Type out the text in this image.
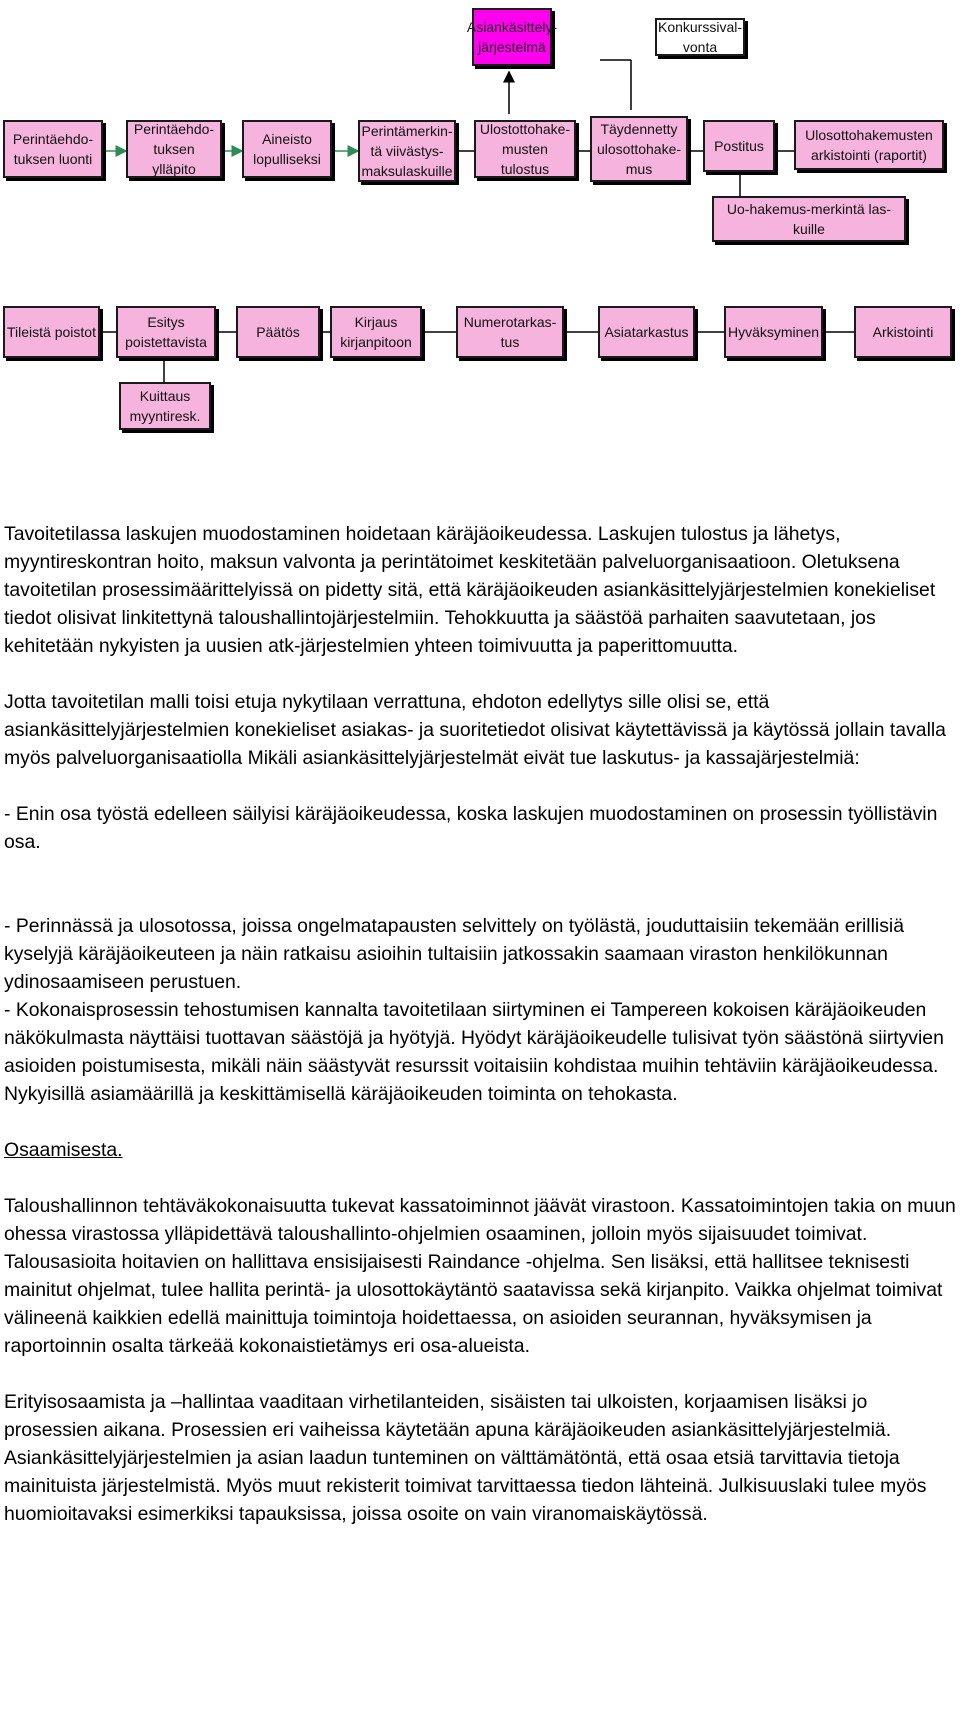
Asiankäsittely-
järjestelmä
Konkurssival-
vonta
Perintäehdo-
tuksen luonti
Perintäehdo-
tuksen ylläpito
Aineisto
lopulliseksi
Perintämerkin-
tä viivästys-
maksulaskuille
Ulostottohake-
musten tulostus
Täydennetty
ulosottohake-
mus
Postitus
Ulosottohakemusten
arkistointi (raportit)
Uo-hakemus-merkintä las-
kuille
Tileistä poistot
Esitys
poistettavista
Päätös
Kirjaus
kirjanpitoon
Numerotarkas-
tus
Asiatarkastus	Hyväksyminen	Arkistointi
Kuittaus
myyntiresk.

Tavoitetilassa laskujen muodostaminen hoidetaan käräjäoikeudessa. Laskujen tulostus ja lähetys, myyntireskontran hoito, maksun valvonta ja perintätoimet keskitetään palveluorganisaatioon. Oletuksena tavoitetilan prosessimäärittelyissä on pidetty sitä, että käräjäoikeuden asiankäsittelyjärjestelmien konekieliset tiedot olisivat linkitettynä taloushallintojärjestelmiin. Tehokkuutta ja säästöä parhaiten saavutetaan, jos kehitetään nykyisten ja uusien atk-järjestelmien yhteen toimivuutta ja paperittomuutta.

Jotta tavoitetilan malli toisi etuja nykytilaan verrattuna, ehdoton edellytys sille olisi se, että asiankäsittelyjärjestelmien konekieliset asiakas- ja suoritetiedot olisivat käytettävissä ja käytössä jollain tavalla myös palveluorganisaatiolla Mikäli asiankäsittelyjärjestelmät eivät tue laskutus- ja kassajärjestelmiä:

- Enin osa työstä edelleen säilyisi käräjäoikeudessa, koska laskujen muodostaminen on prosessin työllistävin osa.

- Perinnässä ja ulosotossa, joissa ongelmatapausten selvittely on työlästä, jouduttaisiin tekemään erillisiä kyselyjä käräjäoikeuteen ja näin ratkaisu asioihin tultaisiin jatkossakin saamaan viraston henkilökunnan ydinosaamiseen perustuen.

- Kokonaisprosessin tehostumisen kannalta tavoitetilaan siirtyminen ei Tampereen kokoisen käräjäoikeuden näkökulmasta näyttäisi tuottavan säästöjä ja hyötyjä. Hyödyt käräjäoikeudelle tulisivat työn säästönä siirtyvien asioiden poistumisesta, mikäli näin säästyvät resurssit voitaisiin kohdistaa muihin tehtäviin käräjäoikeudessa. Nykyisillä asiamäärillä ja keskittämisellä käräjäoikeuden toiminta on tehokasta.

Osaamisesta.

Taloushallinnon tehtäväkokonaisuutta tukevat kassatoiminnot jäävät virastoon. Kassatoimintojen takia on muun ohessa virastossa ylläpidettävä taloushallinto-ohjelmien osaaminen, jolloin myös sijaisuudet toimivat. Talousasioita hoitavien on hallittava ensisijaisesti Raindance -ohjelma. Sen lisäksi, että hallitsee teknisesti mainitut ohjelmat, tulee hallita perintä- ja ulosottokäytäntö saatavissa sekä kirjanpito. Vaikka ohjelmat toimivat välineenä kaikkien edellä mainittuja toimintoja hoidettaessa, on asioiden seurannan, hyväksymisen ja raportoinnin osalta tärkeää kokonaistietämys eri osa-alueista.

Erityisosaamista ja –hallintaa vaaditaan virhetilanteiden, sisäisten tai ulkoisten, korjaamisen lisäksi jo prosessien aikana. Prosessien eri vaiheissa käytetään apuna käräjäoikeuden asiankäsittelyjärjestelmiä. Asiankäsittelyjärjestelmien ja asian laadun tunteminen on välttämätöntä, että osaa etsiä tarvittavia tietoja mainituista järjestelmistä. Myös muut rekisterit toimivat tarvittaessa tiedon lähteinä. Julkisuuslaki tulee myös huomioitavaksi esimerkiksi tapauksissa, joissa osoite on vain viranomaiskäytössä.
